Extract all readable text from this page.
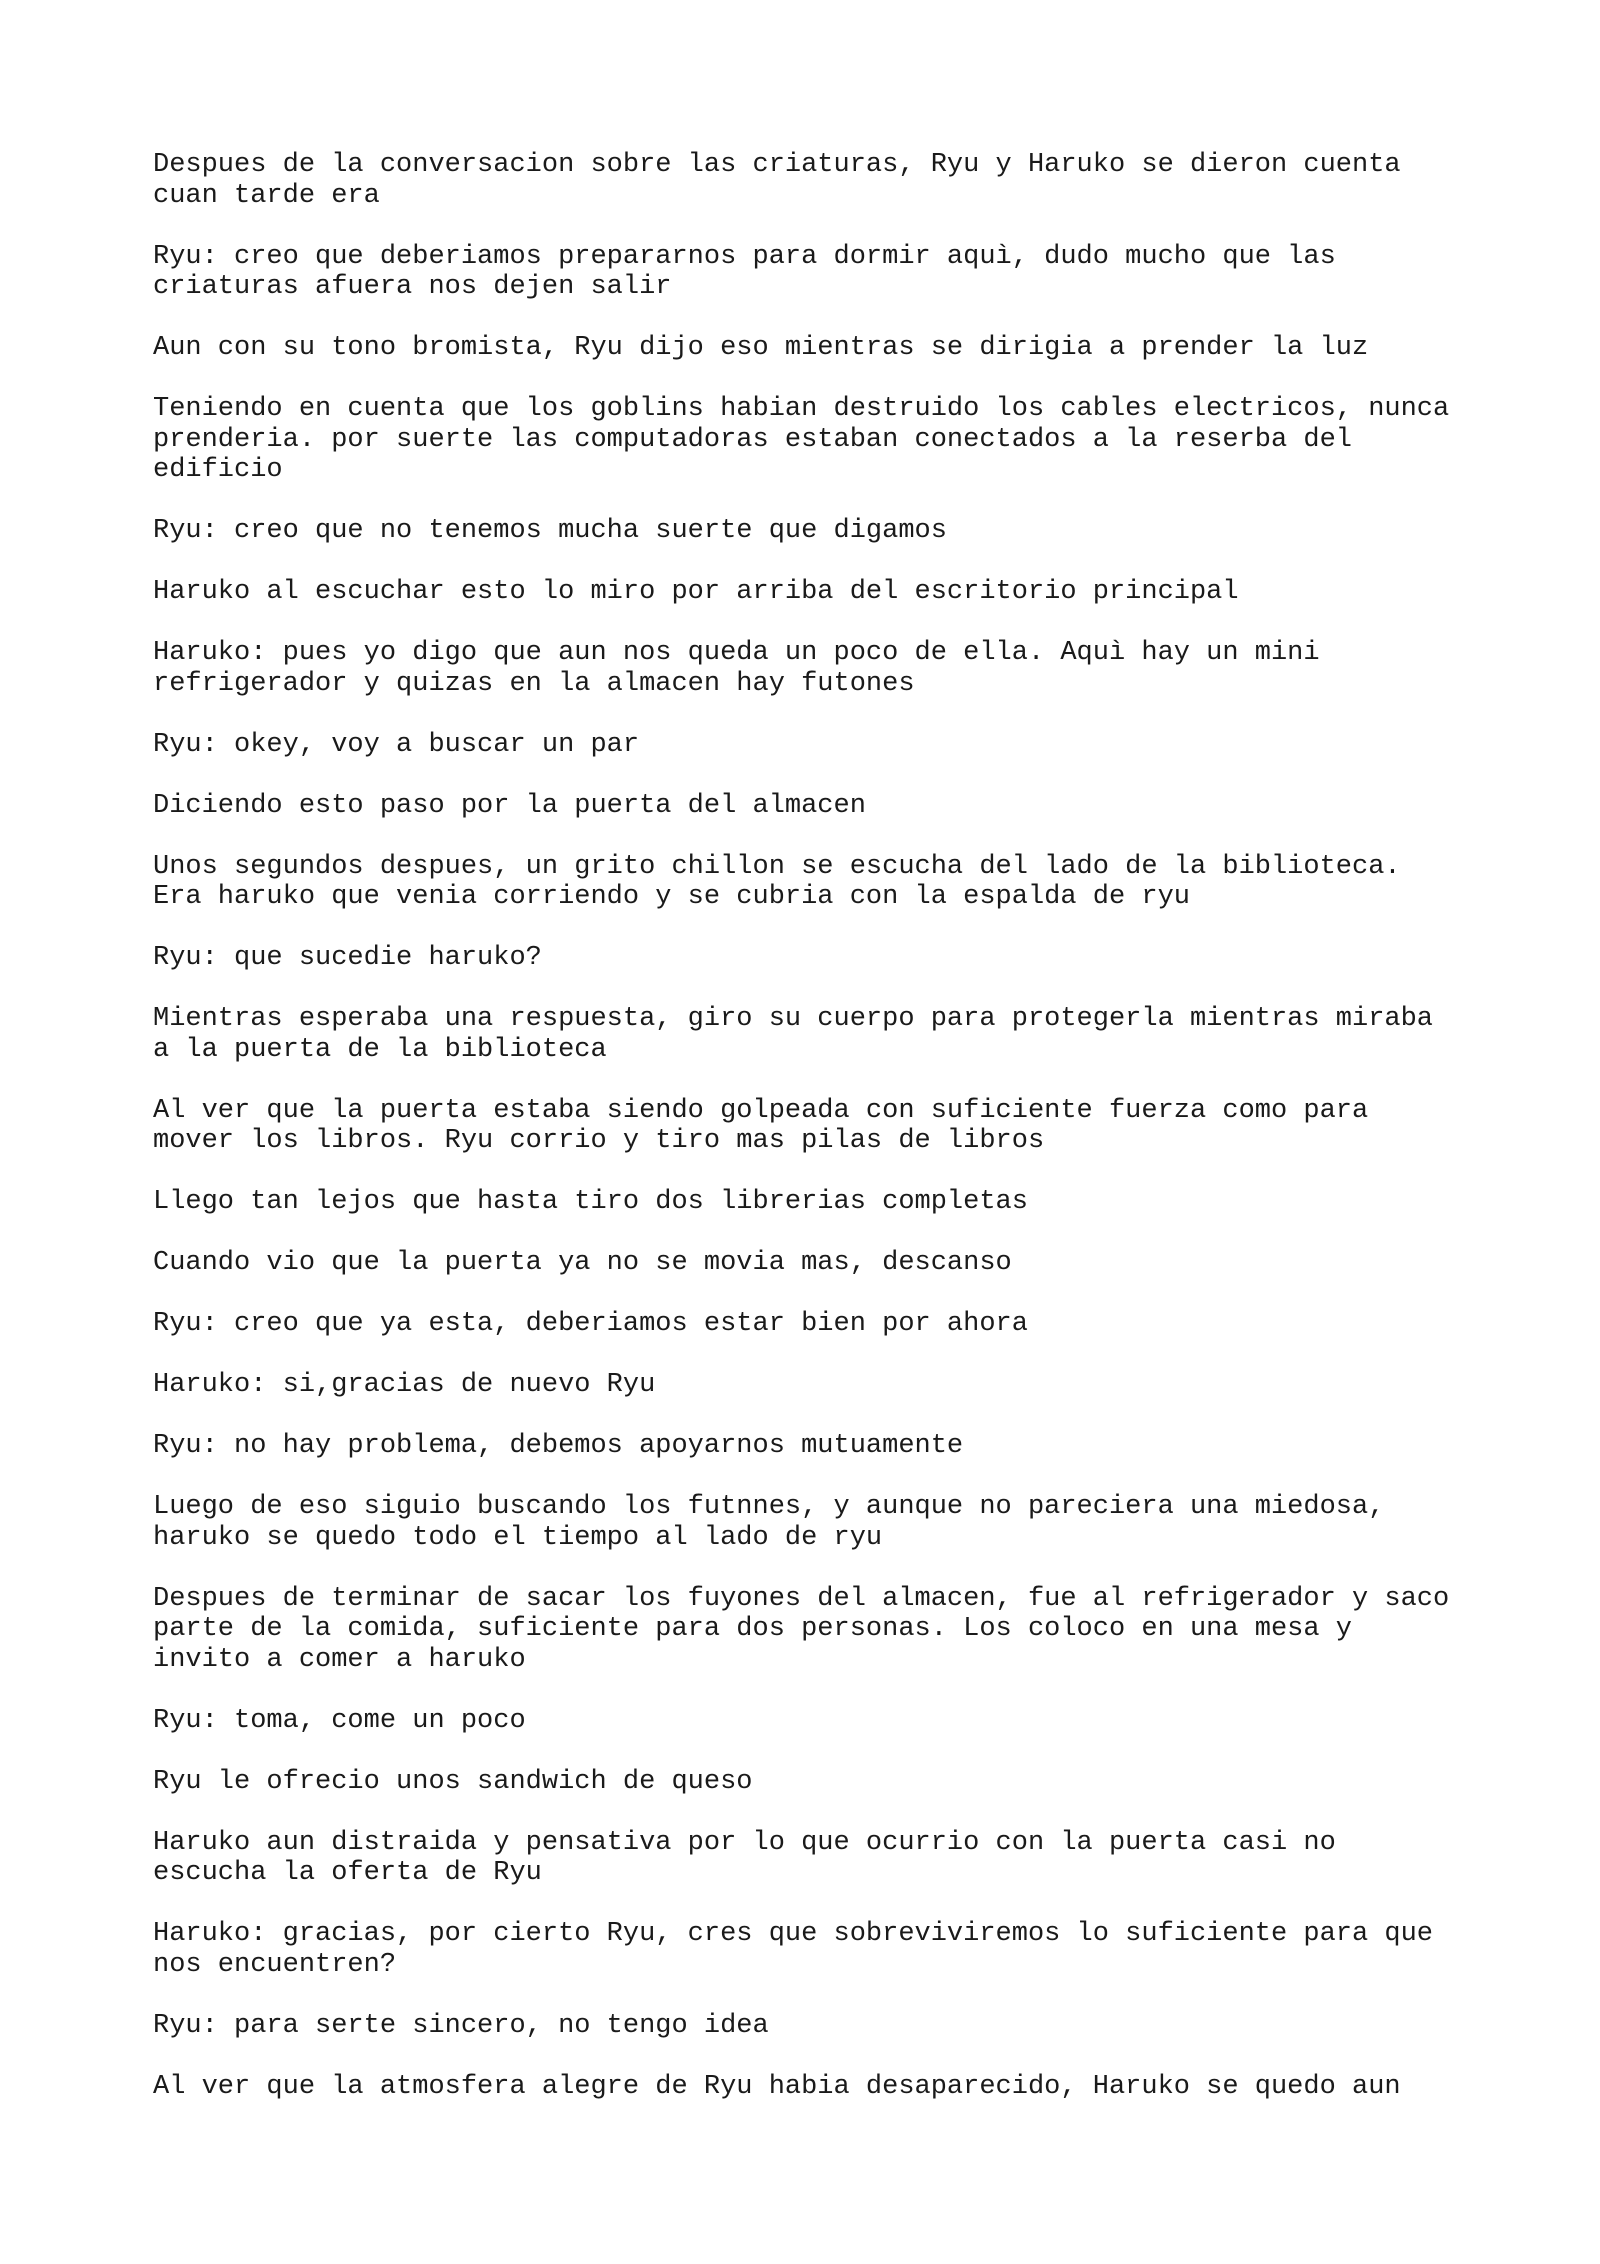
Despues de la conversacion sobre las criaturas, Ryu y Haruko se dieron cuenta
cuan tarde era

Ryu: creo que deberiamos prepararnos para dormir aquì, dudo mucho que las
criaturas afuera nos dejen salir

Aun con su tono bromista, Ryu dijo eso mientras se dirigia a prender la luz

Teniendo en cuenta que los goblins habian destruido los cables electricos, nunca
prenderia. por suerte las computadoras estaban conectados a la reserba del
edificio

Ryu: creo que no tenemos mucha suerte que digamos

Haruko al escuchar esto lo miro por arriba del escritorio principal

Haruko: pues yo digo que aun nos queda un poco de ella. Aquì hay un mini
refrigerador y quizas en la almacen hay futones

Ryu: okey, voy a buscar un par

Diciendo esto paso por la puerta del almacen

Unos segundos despues, un grito chillon se escucha del lado de la biblioteca.
Era haruko que venia corriendo y se cubria con la espalda de ryu

Ryu: que sucedie haruko?

Mientras esperaba una respuesta, giro su cuerpo para protegerla mientras miraba
a la puerta de la biblioteca

Al ver que la puerta estaba siendo golpeada con suficiente fuerza como para
mover los libros. Ryu corrio y tiro mas pilas de libros

Llego tan lejos que hasta tiro dos librerias completas

Cuando vio que la puerta ya no se movia mas, descanso

Ryu: creo que ya esta, deberiamos estar bien por ahora

Haruko: si,gracias de nuevo Ryu

Ryu: no hay problema, debemos apoyarnos mutuamente

Luego de eso siguio buscando los futnnes, y aunque no pareciera una miedosa,
haruko se quedo todo el tiempo al lado de ryu

Despues de terminar de sacar los fuyones del almacen, fue al refrigerador y saco
parte de la comida, suficiente para dos personas. Los coloco en una mesa y
invito a comer a haruko

Ryu: toma, come un poco

Ryu le ofrecio unos sandwich de queso

Haruko aun distraida y pensativa por lo que ocurrio con la puerta casi no
escucha la oferta de Ryu

Haruko: gracias, por cierto Ryu, cres que sobreviviremos lo suficiente para que
nos encuentren?

Ryu: para serte sincero, no tengo idea

Al ver que la atmosfera alegre de Ryu habia desaparecido, Haruko se quedo aun
